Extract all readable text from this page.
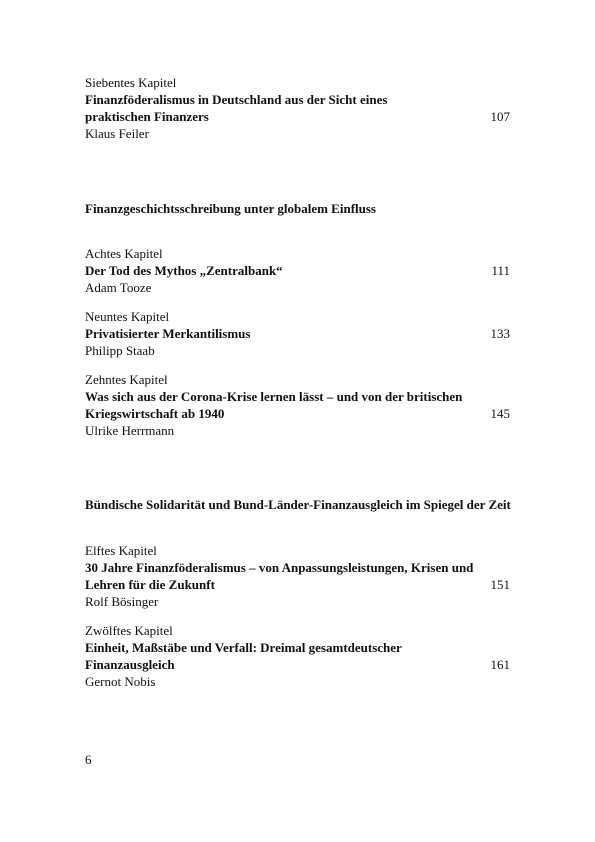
Siebentes Kapitel
Finanzföderalismus in Deutschland aus der Sicht eines
praktischen Finanzers	107
Klaus Feiler
Finanzgeschichtsschreibung unter globalem Einfluss
Achtes Kapitel
Der Tod des Mythos „Zentralbank“	111
Adam Tooze
Neuntes Kapitel
Privatisierter Merkantilismus	133
Philipp Staab
Zehntes Kapitel
Was sich aus der Corona-Krise lernen lässt – und von der britischen
Kriegswirtschaft ab 1940	145
Ulrike Herrmann
Bündische Solidarität und Bund-Länder-Finanzausgleich im Spiegel der Zeit
Elftes Kapitel
30 Jahre Finanzföderalismus – von Anpassungsleistungen, Krisen und
Lehren für die Zukunft	151
Rolf Bösinger
Zwölftes Kapitel
Einheit, Maßstäbe und Verfall: Dreimal gesamtdeutscher
Finanzausgleich	161
Gernot Nobis
6
